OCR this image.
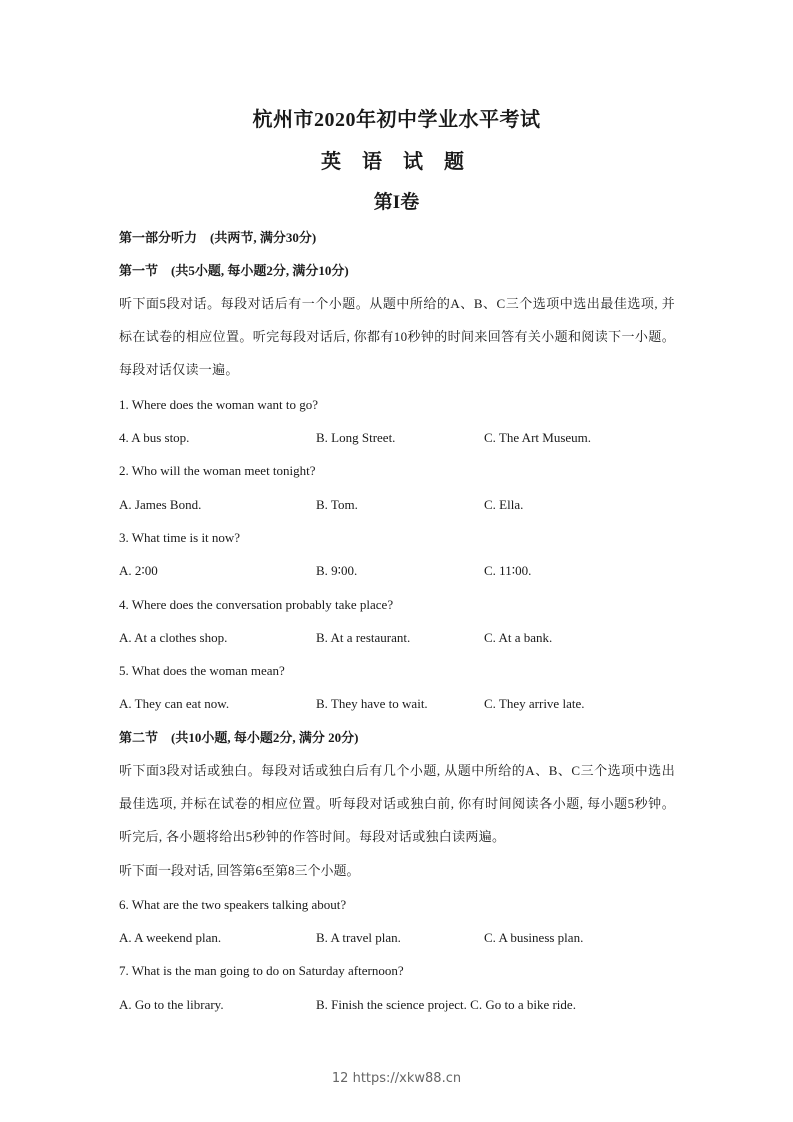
杭州市2020年初中学业水平考试
英 语 试 题
第I卷
第一部分听力　(共两节, 满分30分)
第一节　(共5小题, 每小题2分, 满分10分)
听下面5段对话。每段对话后有一个小题。从题中所给的A、B、C三个选项中选出最佳选项, 并标在试卷的相应位置。听完每段对话后, 你都有10秒钟的时间来回答有关小题和阅读下一小题。每段对话仅读一遍。
1. Where does the woman want to go?
4. A bus stop.	B. Long Street.	C. The Art Museum.
2. Who will the woman meet tonight?
A. James Bond.	B. Tom.	C. Ella.
3. What time is it now?
A. 2∶00	B. 9∶00.	C. 11∶00.
4. Where does the conversation probably take place?
A. At a clothes shop.	B. At a restaurant.	C. At a bank.
5. What does the woman mean?
A. They can eat now.	B. They have to wait.	C. They arrive late.
第二节　(共10小题, 每小题2分, 满分 20分)
听下面3段对话或独白。每段对话或独白后有几个小题, 从题中所给的A、B、C三个选项中选出最佳选项, 并标在试卷的相应位置。听每段对话或独白前, 你有时间阅读各小题, 每小题5秒钟。听完后, 各小题将给出5秒钟的作答时间。每段对话或独白读两遍。
听下面一段对话, 回答第6至第8三个小题。
6. What are the two speakers talking about?
A. A weekend plan.	B. A travel plan.	C. A business plan.
7. What is the man going to do on Saturday afternoon?
A. Go to the library.	B. Finish the science project. C. Go to a bike ride.
12 https://xkw88.cn
